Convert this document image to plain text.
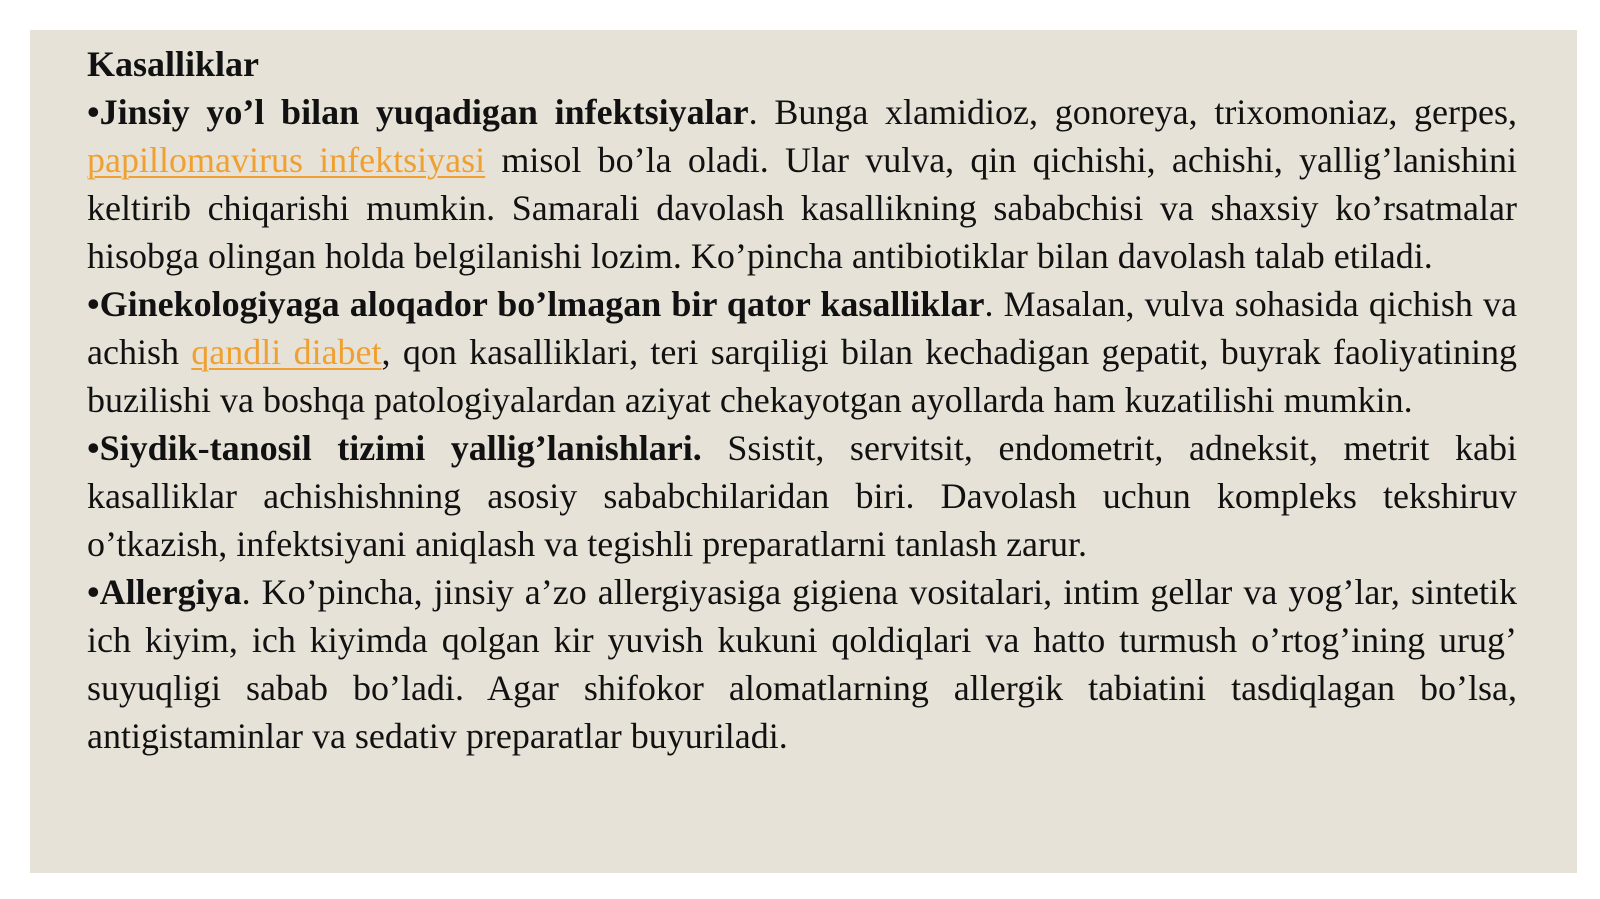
Kasalliklar
•Jinsiy yo’l bilan yuqadigan infektsiyalar. Bunga xlamidioz, gonoreya, trixomoniaz, gerpes, papillomavirus infektsiyasi misol bo’la oladi. Ular vulva, qin qichishi, achishi, yallig’lanishini keltirib chiqarishi mumkin. Samarali davolash kasallikning sababchisi va shaxsiy ko’rsatmalar hisobga olingan holda belgilanishi lozim. Ko’pincha antibiotiklar bilan davolash talab etiladi.
•Ginekologiyaga aloqador bo’lmagan bir qator kasalliklar. Masalan, vulva sohasida qichish va achish qandli diabet, qon kasalliklari, teri sarqiligi bilan kechadigan gepatit, buyrak faoliyatining buzilishi va boshqa patologiyalardan aziyat chekayotgan ayollarda ham kuzatilishi mumkin.
•Siydik-tanosil tizimi yallig’lanishlari. Ssistit, servitsit, endometrit, adneksit, metrit kabi kasalliklar achishishning asosiy sababchilaridan biri. Davolash uchun kompleks tekshiruv o’tkazish, infektsiyani aniqlash va tegishli preparatlarni tanlash zarur.
•Allergiya. Ko’pincha, jinsiy a’zo allergiyasiga gigiena vositalari, intim gellar va yog’lar, sintetik ich kiyim, ich kiyimda qolgan kir yuvish kukuni qoldiqlari va hatto turmush o’rtog’ining urug’ suyuqligi sabab bo’ladi. Agar shifokor alomatlarning allergik tabiatini tasdiqlagan bo’lsa, antigistaminlar va sedativ preparatlar buyuriladi.
